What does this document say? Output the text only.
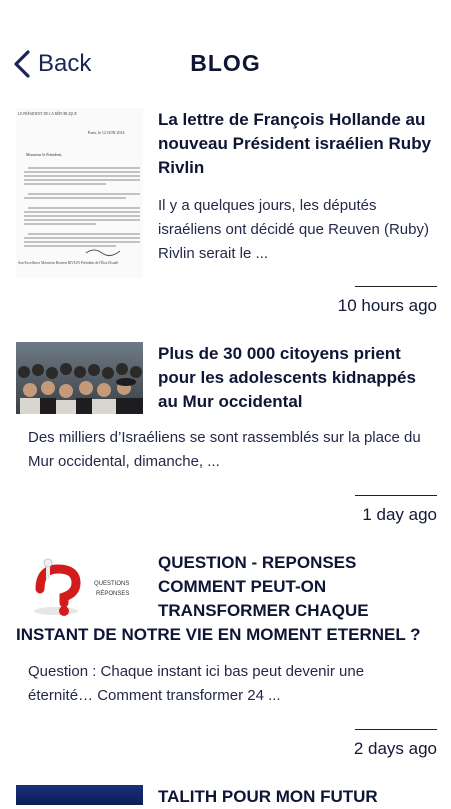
Back	BLOG
LE PRÉSIDENT DE LA RÉPUBLIQUE
Paris, le 12 JUIN 2014
Monsieur le Président,
Son Excellence Monsieur Reuven RIVLIN Président de l'État d'Israël
La lettre de François Hollande au nouveau Président israélien Ruby Rivlin
Il y a quelques jours, les députés israéliens ont décidé que Reuven (Ruby) Rivlin serait le ...
10 hours ago
Plus de 30 000 citoyens prient pour les adolescents kidnappés au Mur occidental
Des milliers d’Israéliens se sont rassemblés sur la place du Mur occidental, dimanche, ...
1 day ago
QUESTIONS
RÉPONSES
QUESTION - REPONSES
COMMENT PEUT-ON
TRANSFORMER CHAQUE
INSTANT DE NOTRE VIE EN MOMENT ETERNEL ?
Question : Chaque instant ici bas peut devenir une éternité… Comment transformer 24 ...
2 days ago
TALITH POUR MON FUTUR
